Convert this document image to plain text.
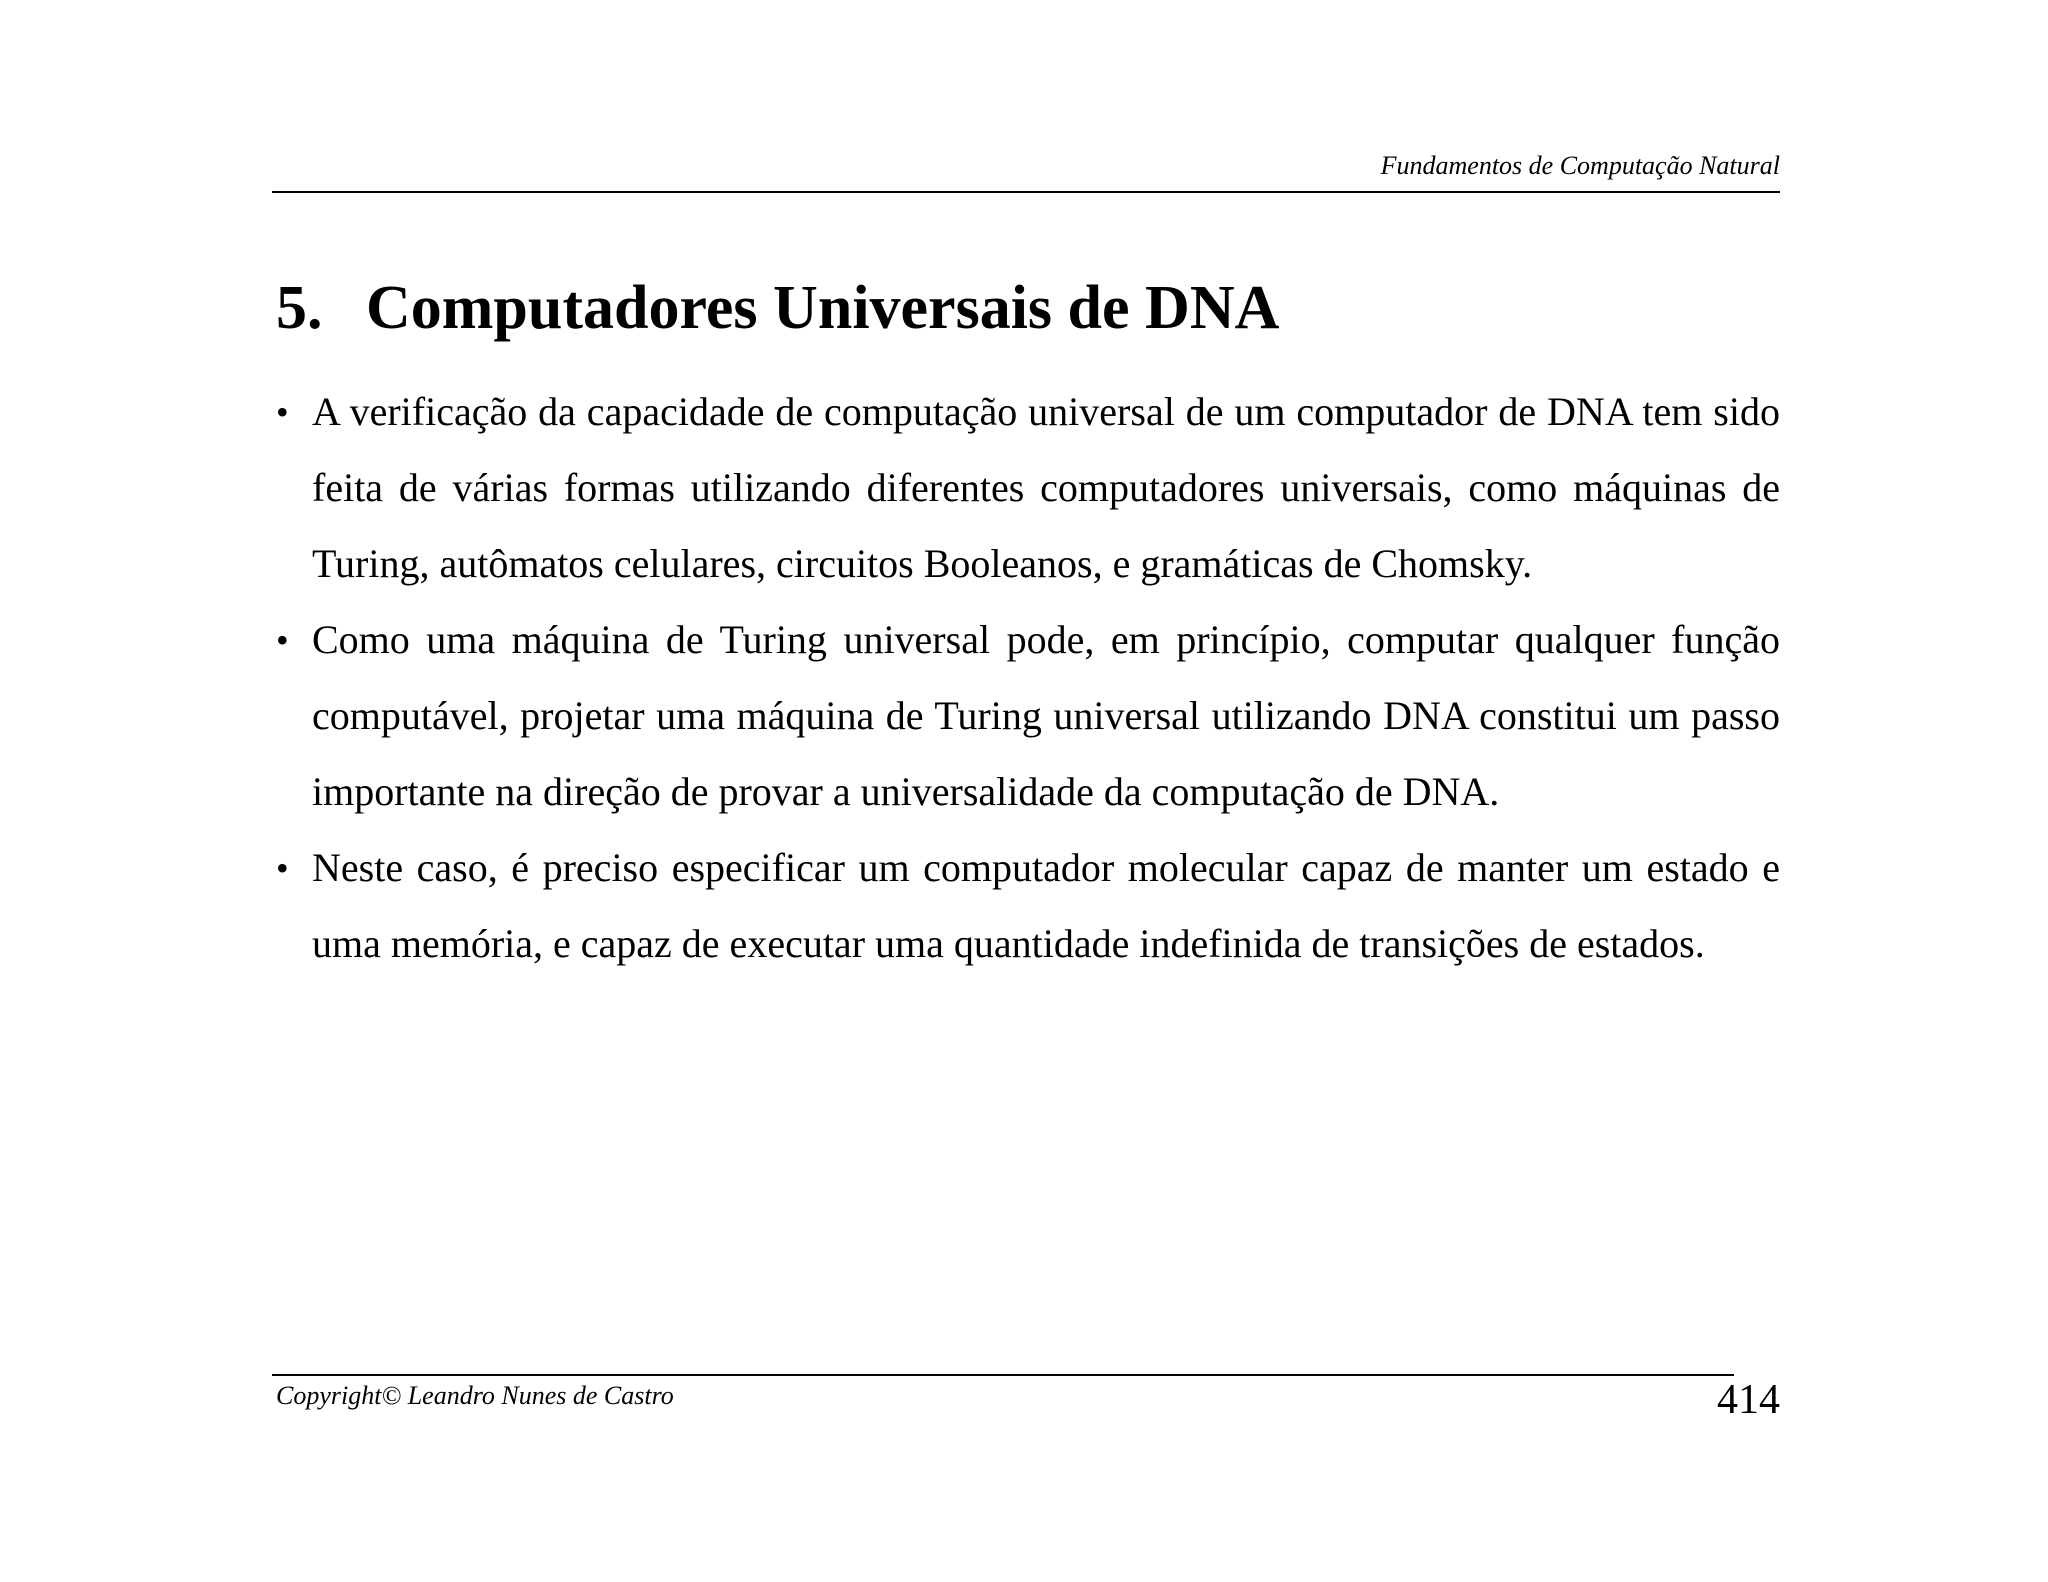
Fundamentos de Computação Natural
5. Computadores Universais de DNA
• A verificação da capacidade de computação universal de um computador de DNA tem sido feita de várias formas utilizando diferentes computadores universais, como máquinas de Turing, autômatos celulares, circuitos Booleanos, e gramáticas de Chomsky.
• Como uma máquina de Turing universal pode, em princípio, computar qualquer função computável, projetar uma máquina de Turing universal utilizando DNA constitui um passo importante na direção de provar a universalidade da computação de DNA.
• Neste caso, é preciso especificar um computador molecular capaz de manter um estado e uma memória, e capaz de executar uma quantidade indefinida de transições de estados.
Copyright© Leandro Nunes de Castro	414
